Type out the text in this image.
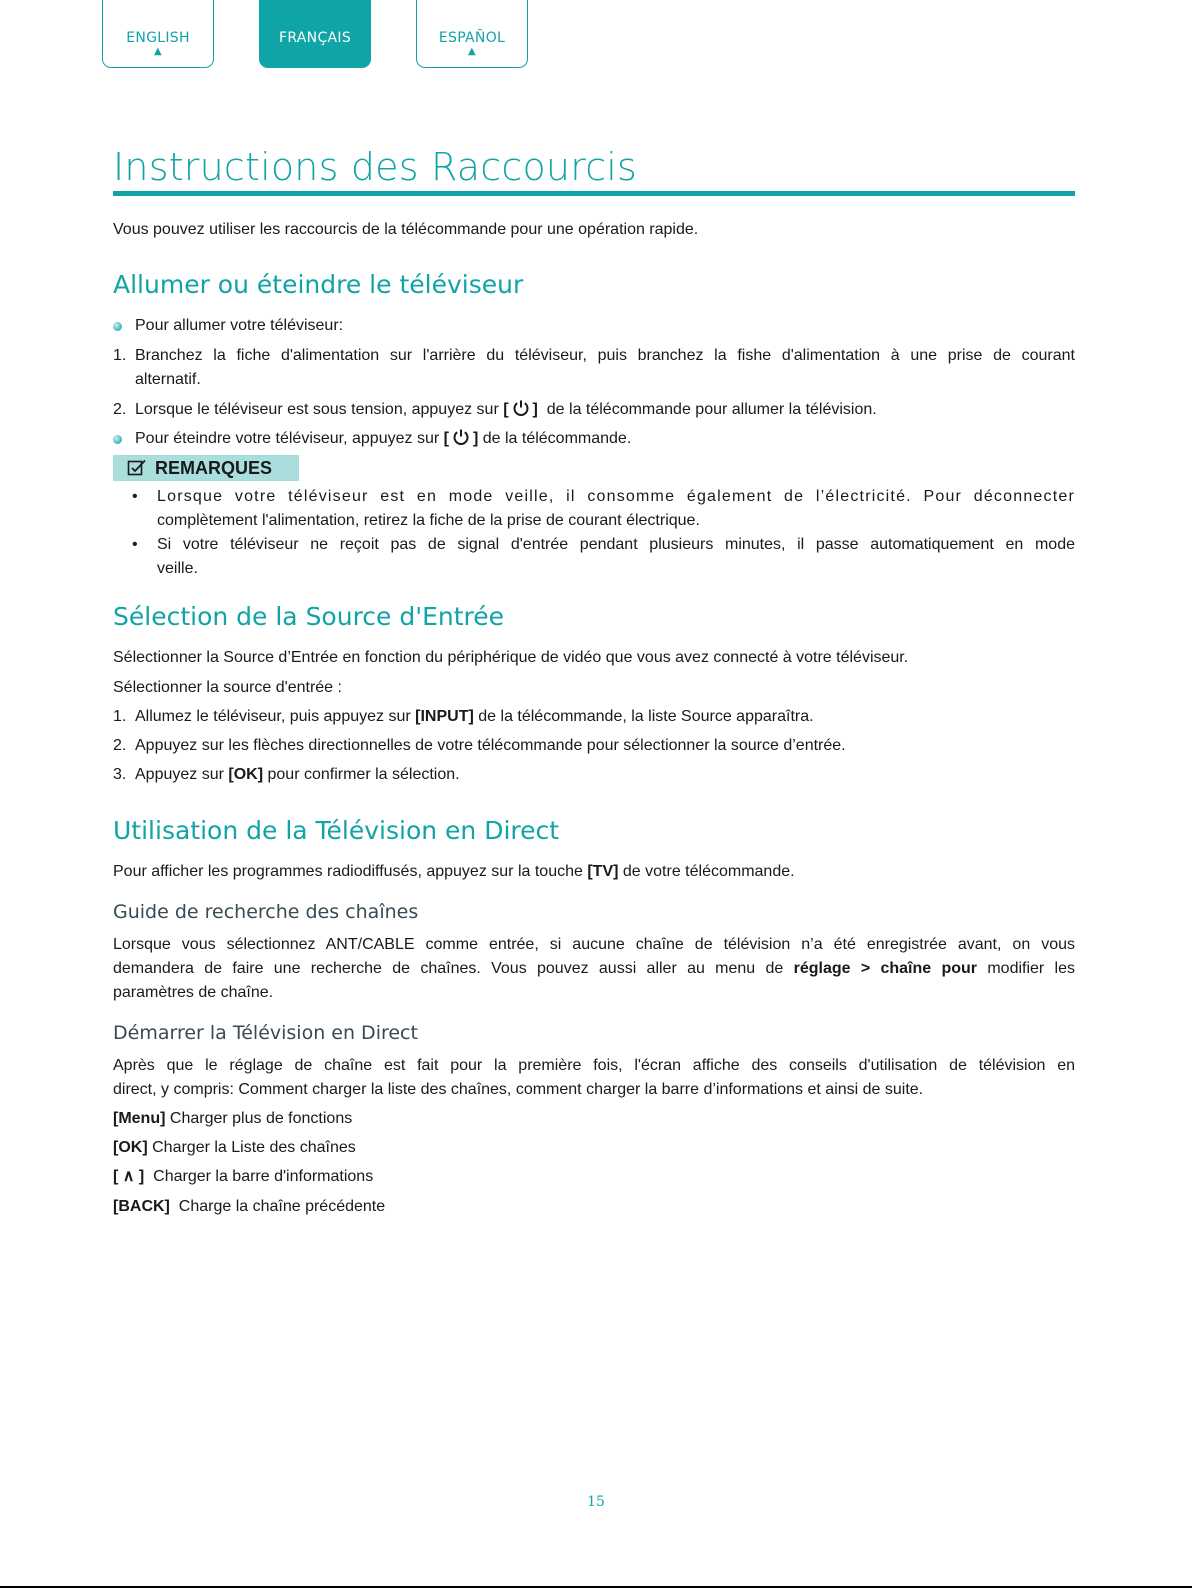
ENGLISH
▲
FRANÇAIS	ESPAÑOL
▲
Instructions des Raccourcis
Vous pouvez utiliser les raccourcis de la télécommande pour une opération rapide.
Allumer ou éteindre le téléviseur
Pour allumer votre téléviseur:
1. Branchez la fiche d'alimentation sur l'arrière du téléviseur, puis branchez la fishe d'alimentation à une prise de courant
alternatif.
2. Lorsque le téléviseur est sous tension, appuyez sur [ ] de la télécommande pour allumer la télévision.
Pour éteindre votre téléviseur, appuyez sur [ ] de la télécommande.
REMARQUES
• Lorsque votre téléviseur est en mode veille, il consomme également de l’électricité. Pour déconnecter
complètement l'alimentation, retirez la fiche de la prise de courant électrique.
• Si votre téléviseur ne reçoit pas de signal d'entrée pendant plusieurs minutes, il passe automatiquement en mode
veille.
Sélection de la Source d'Entrée
Sélectionner la Source d’Entrée en fonction du périphérique de vidéo que vous avez connecté à votre téléviseur.
Sélectionner la source d'entrée :
1. Allumez le téléviseur, puis appuyez sur [INPUT] de la télécommande, la liste Source apparaîtra.
2. Appuyez sur les flèches directionnelles de votre télécommande pour sélectionner la source d’entrée.
3. Appuyez sur [OK] pour confirmer la sélection.
Utilisation de la Télévision en Direct
Pour afficher les programmes radiodiffusés, appuyez sur la touche [TV] de votre télécommande.
Guide de recherche des chaînes
Lorsque vous sélectionnez ANT/CABLE comme entrée, si aucune chaîne de télévision n’a été enregistrée avant, on vous
demandera de faire une recherche de chaînes. Vous pouvez aussi aller au menu de réglage > chaîne pour modifier les
paramètres de chaîne.
Démarrer la Télévision en Direct
Après que le réglage de chaîne est fait pour la première fois, l'écran affiche des conseils d'utilisation de télévision en
direct, y compris: Comment charger la liste des chaînes, comment charger la barre d’informations et ainsi de suite.
[Menu] Charger plus de fonctions
[OK] Charger la Liste des chaînes
[ ∧ ] Charger la barre d'informations
[BACK] Charge la chaîne précédente
15
